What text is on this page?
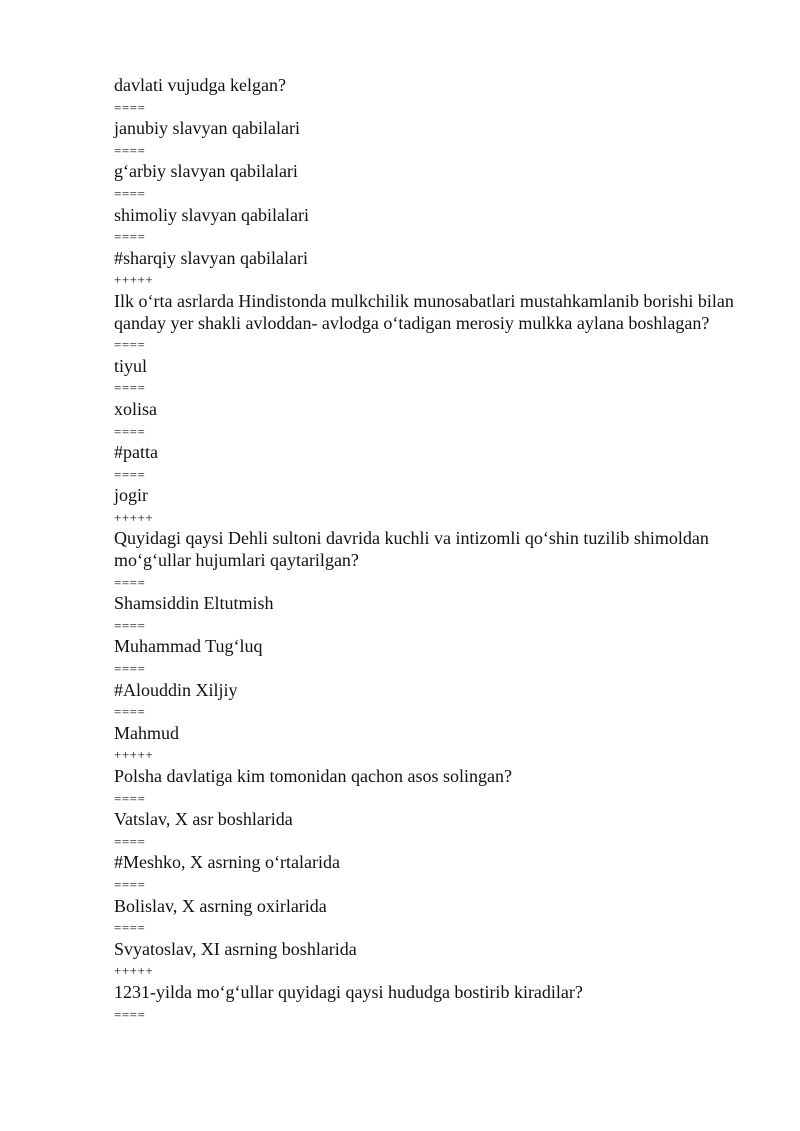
davlati vujudga kelgan?
====
janubiy slavyan qabilalari
====
g‘arbiy slavyan qabilalari
====
shimoliy slavyan qabilalari
====
#sharqiy slavyan qabilalari
+++++
Ilk o‘rta asrlarda Hindistonda mulkchilik munosabatlari mustahkamlanib borishi bilan qanday yer shakli avloddan- avlodga o‘tadigan merosiy mulkka aylana boshlagan?
====
tiyul
====
xolisa
====
#patta
====
jogir
+++++
Quyidagi qaysi Dehli sultoni davrida kuchli va intizomli qo‘shin tuzilib shimoldan mo‘g‘ullar hujumlari qaytarilgan?
====
Shamsiddin Eltutmish
====
Muhammad Tug‘luq
====
#Alouddin Xiljiy
====
Mahmud
+++++
Polsha davlatiga kim tomonidan qachon asos solingan?
====
Vatslav, X asr boshlarida
====
#Meshko, X asrning o‘rtalarida
====
Bolislav, X asrning oxirlarida
====
Svyatoslav, XI asrning boshlarida
+++++
1231-yilda mo‘g‘ullar quyidagi qaysi hududga bostirib kiradilar?
====
